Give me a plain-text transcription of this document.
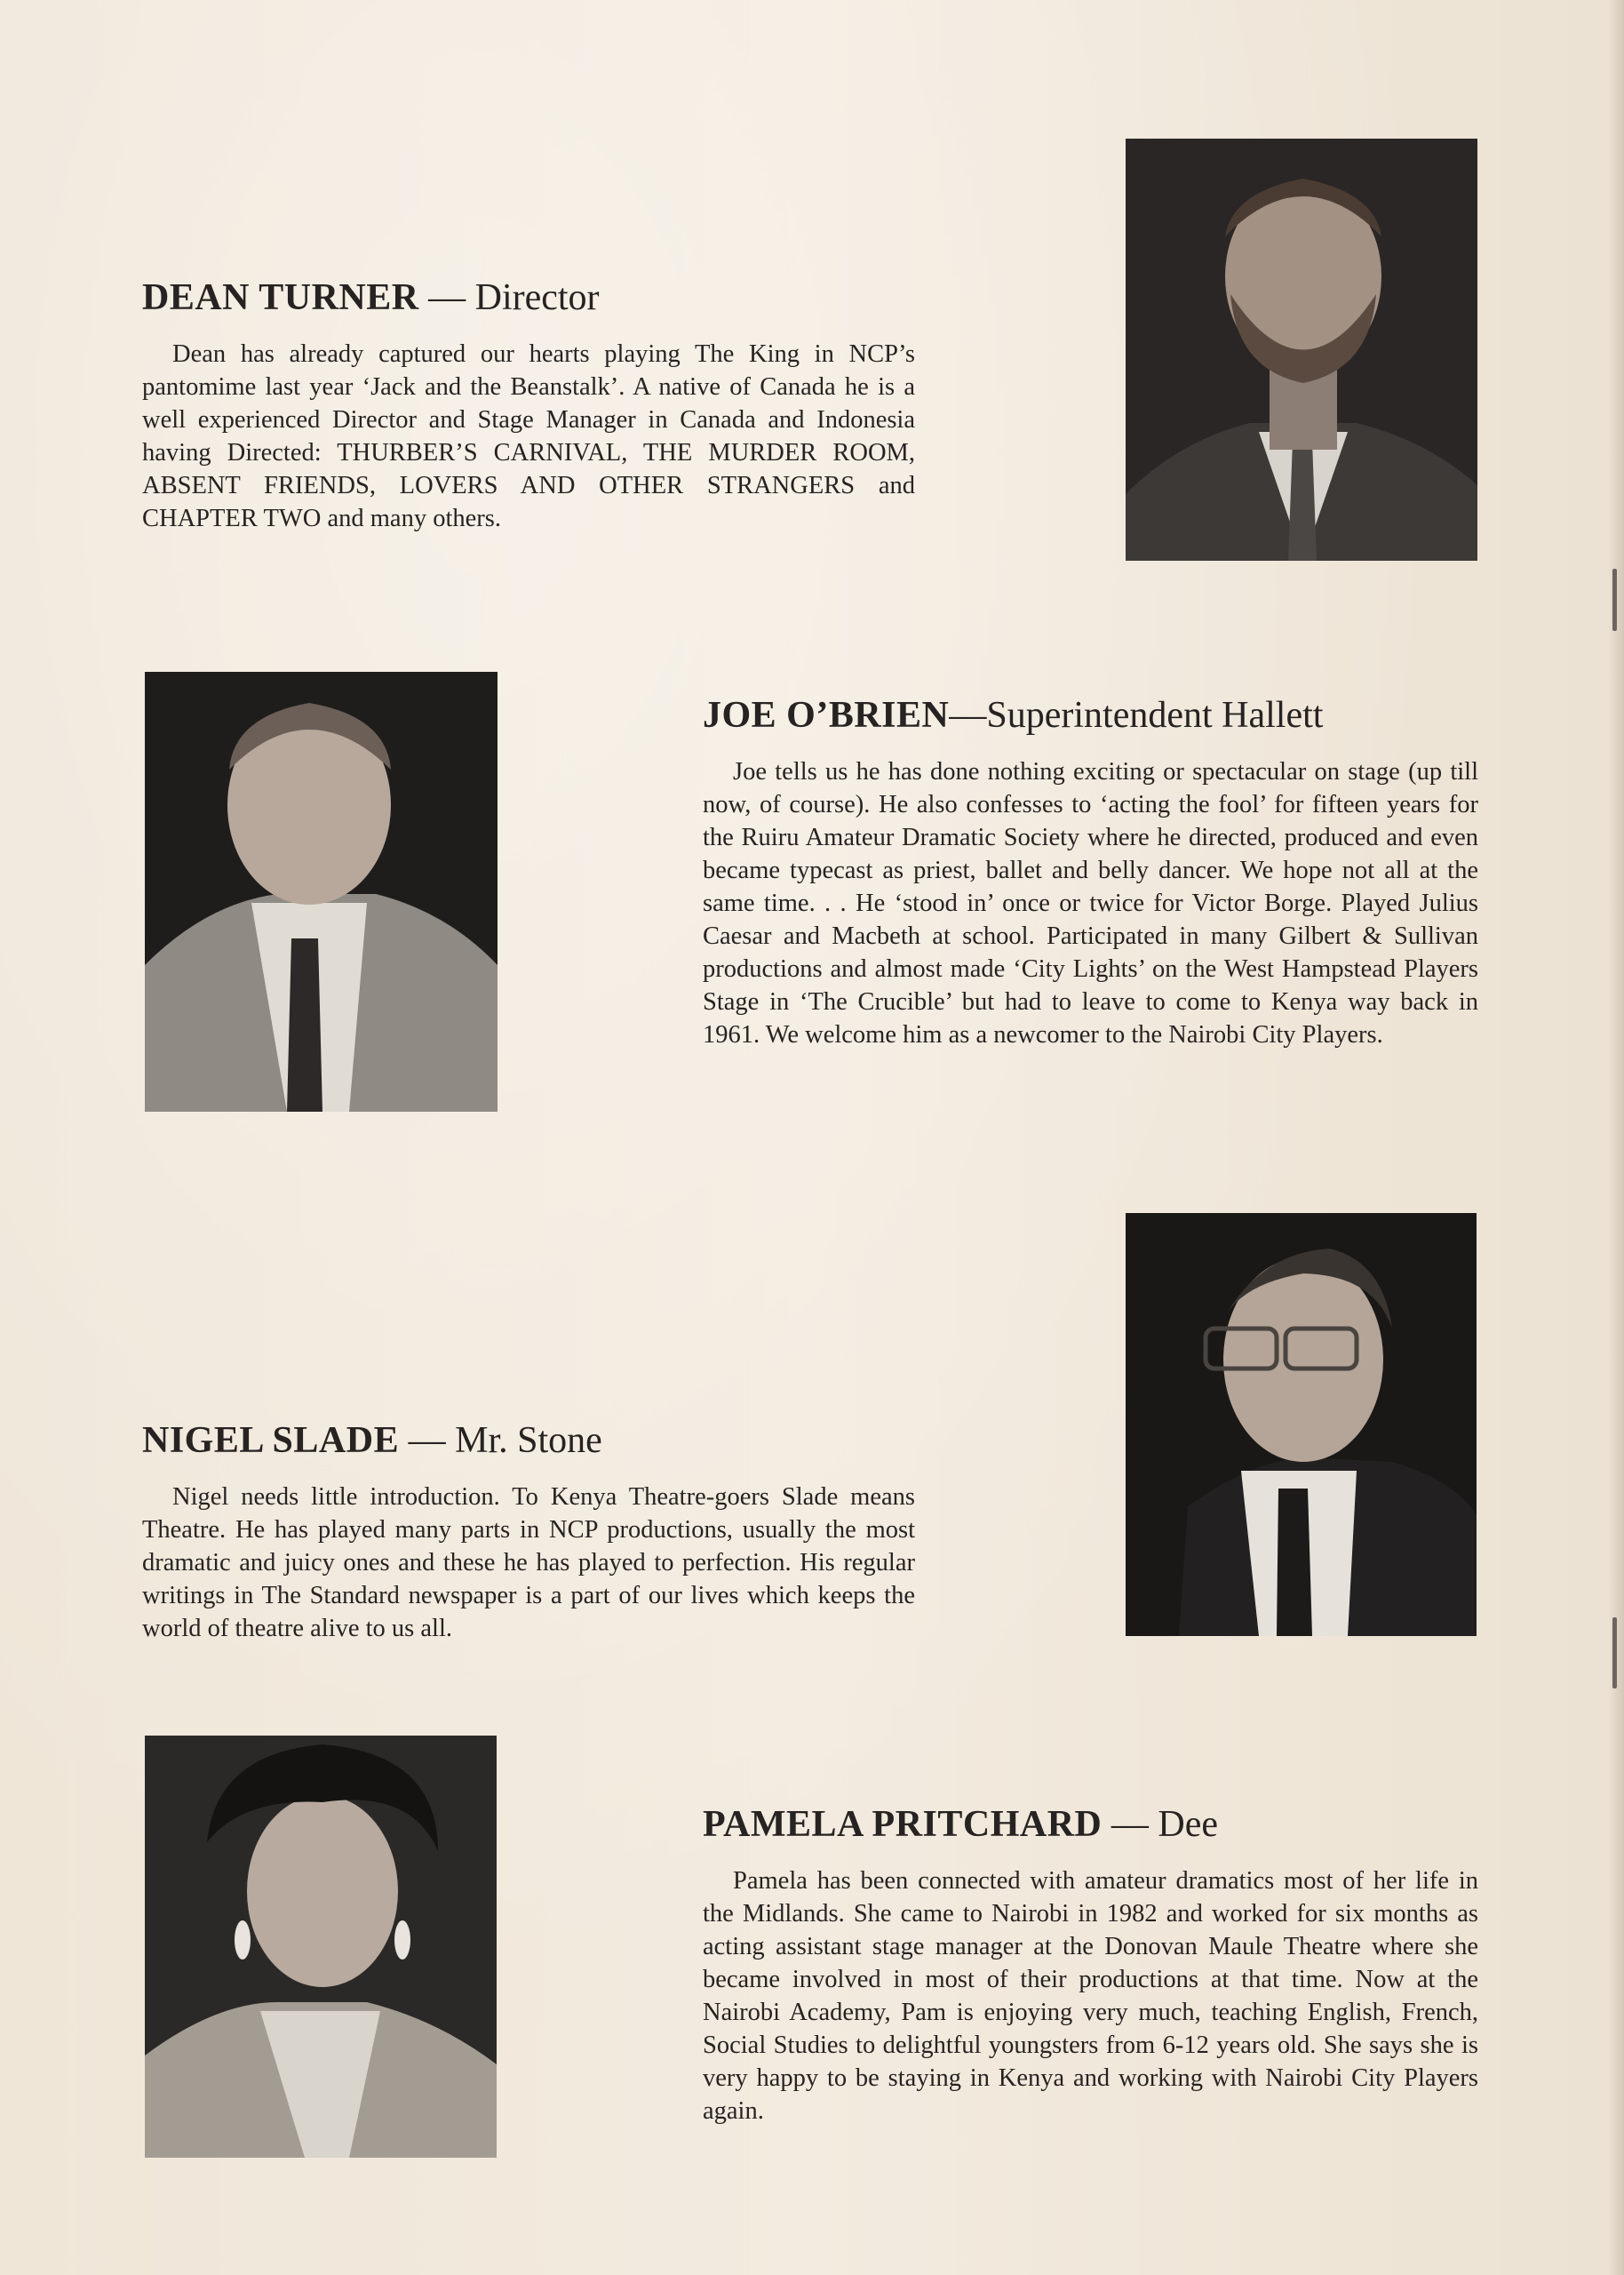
DEAN TURNER — Director

Dean has already captured our hearts playing The King in NCP’s pantomime last year ‘Jack and the Beanstalk’. A native of Canada he is a well experienced Director and Stage Manager in Canada and Indonesia having Directed: THURBER’S CARNIVAL, THE MURDER ROOM, ABSENT FRIENDS, LOVERS AND OTHER STRANGERS and CHAPTER TWO and many others.

JOE O’BRIEN—Superintendent Hallett

Joe tells us he has done nothing exciting or spectacular on stage (up till now, of course). He also confesses to ‘acting the fool’ for fifteen years for the Ruiru Amateur Dramatic Society where he directed, produced and even became typecast as priest, ballet and belly dancer. We hope not all at the same time. . . He ‘stood in’ once or twice for Victor Borge. Played Julius Caesar and Macbeth at school. Participated in many Gilbert & Sullivan productions and almost made ‘City Lights’ on the West Hampstead Players Stage in ‘The Crucible’ but had to leave to come to Kenya way back in 1961. We welcome him as a newcomer to the Nairobi City Players.

NIGEL SLADE — Mr. Stone

Nigel needs little introduction. To Kenya Theatre-goers Slade means Theatre. He has played many parts in NCP productions, usually the most dramatic and juicy ones and these he has played to perfection. His regular writings in The Standard newspaper is a part of our lives which keeps the world of theatre alive to us all.

PAMELA PRITCHARD — Dee

Pamela has been connected with amateur dramatics most of her life in the Midlands. She came to Nairobi in 1982 and worked for six months as acting assistant stage manager at the Donovan Maule Theatre where she became involved in most of their productions at that time. Now at the Nairobi Academy, Pam is enjoying very much, teaching English, French, Social Studies to delightful youngsters from 6-12 years old. She says she is very happy to be staying in Kenya and working with Nairobi City Players again.
